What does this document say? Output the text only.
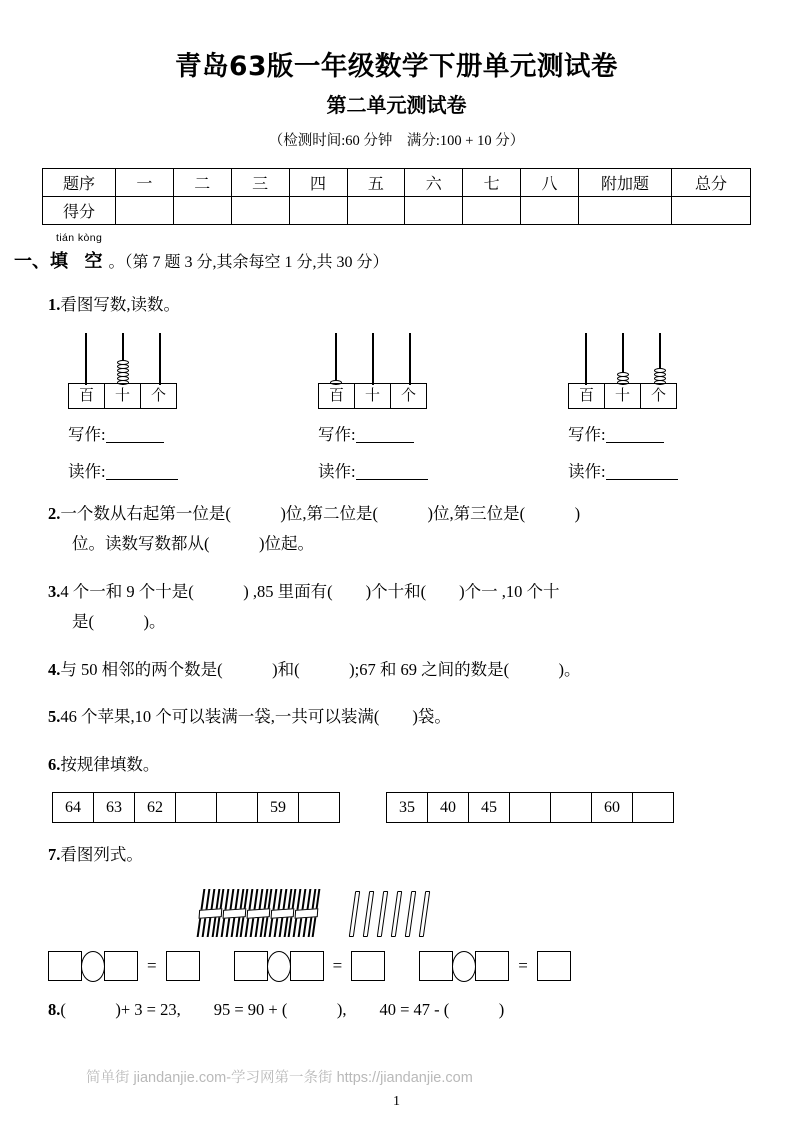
青岛63版一年级数学下册单元测试卷
第二单元测试卷

（检测时间:60 分钟　满分:100 + 10 分）

题序	一	二	三	四	五	六	七	八	附加题	总分
得分										
tián kòng
一、填 空。（第 7 题 3 分,其余每空 1 分,共 30 分）
1.看图写数,读数。
百	十	个	百	十	个	百	十	个
写作:	写作:	写作:
读作:	读作:	读作:
2.一个数从右起第一位是(　　　)位,第二位是(　　　)位,第三位是(　　　)
位。读数写数都从(　　　)位起。
3.4 个一和 9 个十是(　　　) ,85 里面有(　　)个十和(　　)个一 ,10 个十
是(　　　)。
4.与 50 相邻的两个数是(　　　)和(　　　);67 和 69 之间的数是(　　　)。
5.46 个苹果,10 个可以装满一袋,一共可以装满(　　)袋。
6.按规律填数。
64	63	62			59		35	40	45			60	
7.看图列式。
=	=	=
8.(　　　)+ 3 = 23,　　95 = 90 + (　　　),　　40 = 47 - (　　　)
简单街 jiandanjie.com-学习网第一条街 https://jiandanjie.com
1
